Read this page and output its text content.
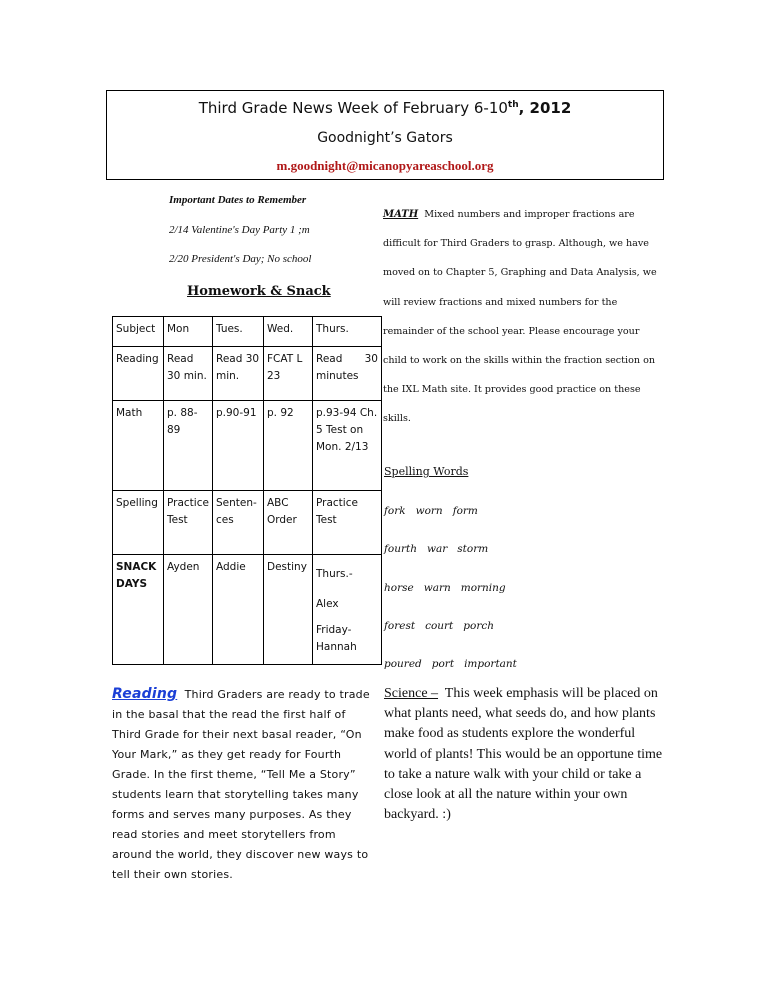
Third Grade News Week of February 6-10th, 2012
Goodnight’s Gators
m.goodnight@micanopyareaschool.org
Important Dates to Remember
2/14 Valentine's Day Party 1 ;m
2/20 President's Day; No school
Homework & Snack
Subject	Mon	Tues.	Wed.	Thurs.
Reading	Read 30 min.	Read 30 min.	FCAT L 23	Read 30 minutes
Math	p. 88-89	p.90-91	p. 92	p.93-94 Ch. 5 Test on Mon. 2/13
Spelling	Practice Test	Senten-ces	ABC Order	Practice Test
SNACK DAYS	Ayden	Addie	Destiny	Thurs.- Alex
Friday- Hannah
MATH Mixed numbers and improper fractions are difficult for Third Graders to grasp. Although, we have moved on to Chapter 5, Graphing and Data Analysis, we will review fractions and mixed numbers for the remainder of the school year. Please encourage your child to work on the skills within the fraction section on the IXL Math site. It provides good practice on these skills.
Spelling Words
fork worn form
fourth war storm
horse warn morning
forest court porch
poured port important
Reading Third Graders are ready to trade in the basal that the read the first half of Third Grade for their next basal reader, “On Your Mark,” as they get ready for Fourth Grade. In the first theme, “Tell Me a Story” students learn that storytelling takes many forms and serves many purposes. As they read stories and meet storytellers from around the world, they discover new ways to tell their own stories.
Science – This week emphasis will be placed on what plants need, what seeds do, and how plants make food as students explore the wonderful world of plants! This would be an opportune time to take a nature walk with your child or take a close look at all the nature within your own backyard. :)
